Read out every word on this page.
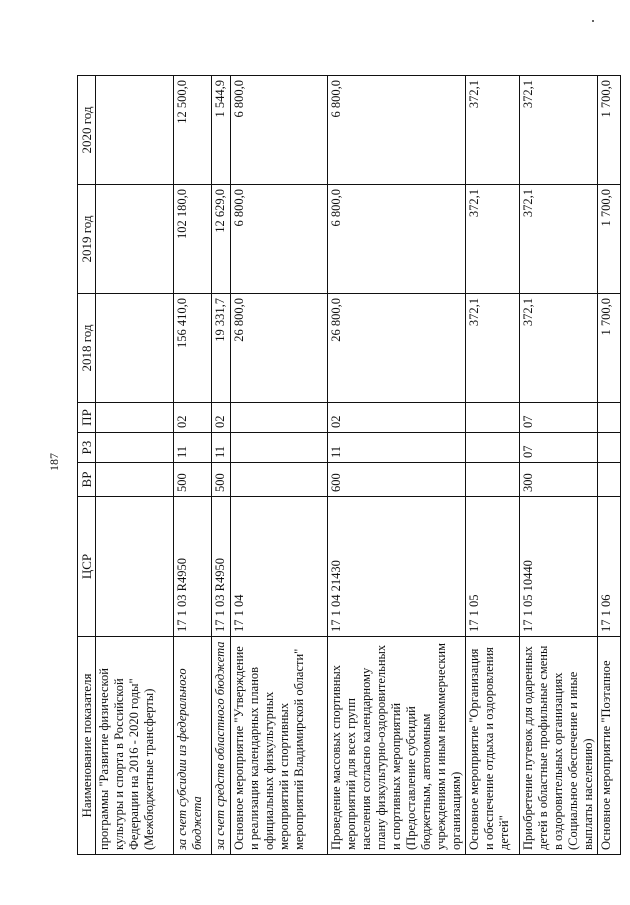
187
Наименование показателя	ЦСР	ВР	РЗ	ПР	2018 год	2019 год	2020 год
программы "Развитие физической культуры и спорта в Российской Федерации на 2016 - 2020 годы" (Межбюджетные трансферты)							
за счет субсидии из федерального бюджета	17 1 03 R4950	500	11	02	156 410,0	102 180,0	12 500,0
за счет средств областного бюджета	17 1 03 R4950	500	11	02	19 331,7	12 629,0	1 544,9
Основное мероприятие "Утверждение и реализация календарных планов официальных физкультурных мероприятий и спортивных мероприятий Владимирской области"	17 1 04				26 800,0	6 800,0	6 800,0
Проведение массовых спортивных мероприятий для всех групп населения согласно календарному плану физкультурно-оздоровительных и спортивных мероприятий (Предоставление субсидий бюджетным, автономным учреждениям и иным некоммерческим организациям)	17 1 04 21430	600	11	02	26 800,0	6 800,0	6 800,0
Основное мероприятие "Организация и обеспечение отдыха и оздоровления детей"	17 1 05				372,1	372,1	372,1
Приобретение путевок для одаренных детей в областные профильные смены в оздоровительных организациях (Социальное обеспечение и иные выплаты населению)	17 1 05 10440	300	07	07	372,1	372,1	372,1
Основное мероприятие "Поэтапное	17 1 06				1 700,0	1 700,0	1 700,0
